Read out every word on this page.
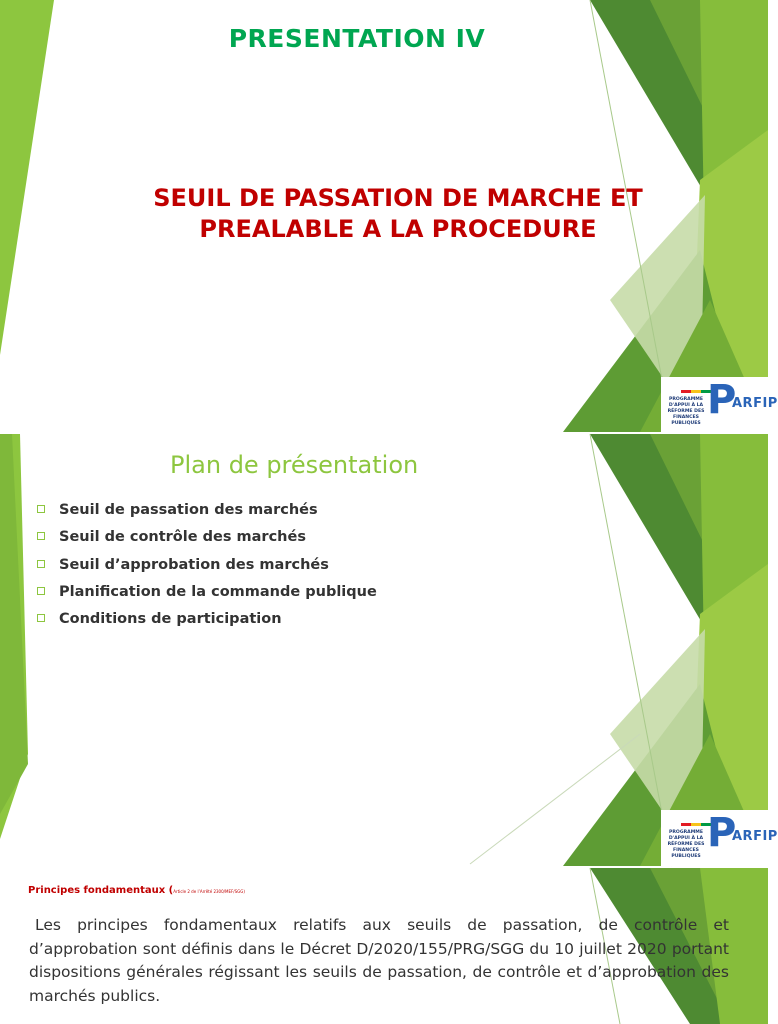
PRESENTATION IV
SEUIL DE PASSATION DE MARCHE ET PREALABLE A LA PROCEDURE
P
ARFIP
PROGRAMME D'APPUI À LA RÉFORME DES FINANCES PUBLIQUES
Plan de présentation
Seuil de passation des marchés
Seuil de contrôle des marchés
Seuil d’approbation des marchés
Planification de la commande publique
Conditions de participation
P
ARFIP
PROGRAMME D'APPUI À LA RÉFORME DES FINANCES PUBLIQUES
Principes fondamentaux (Article 2 de l’Arrêté 2300/MEF/SGG)
Les principes fondamentaux relatifs aux seuils de passation, de contrôle et d’approbation sont définis dans le Décret D/2020/155/PRG/SGG du 10 juillet 2020 portant dispositions générales régissant les seuils de passation, de contrôle et d’approbation des marchés publics.
